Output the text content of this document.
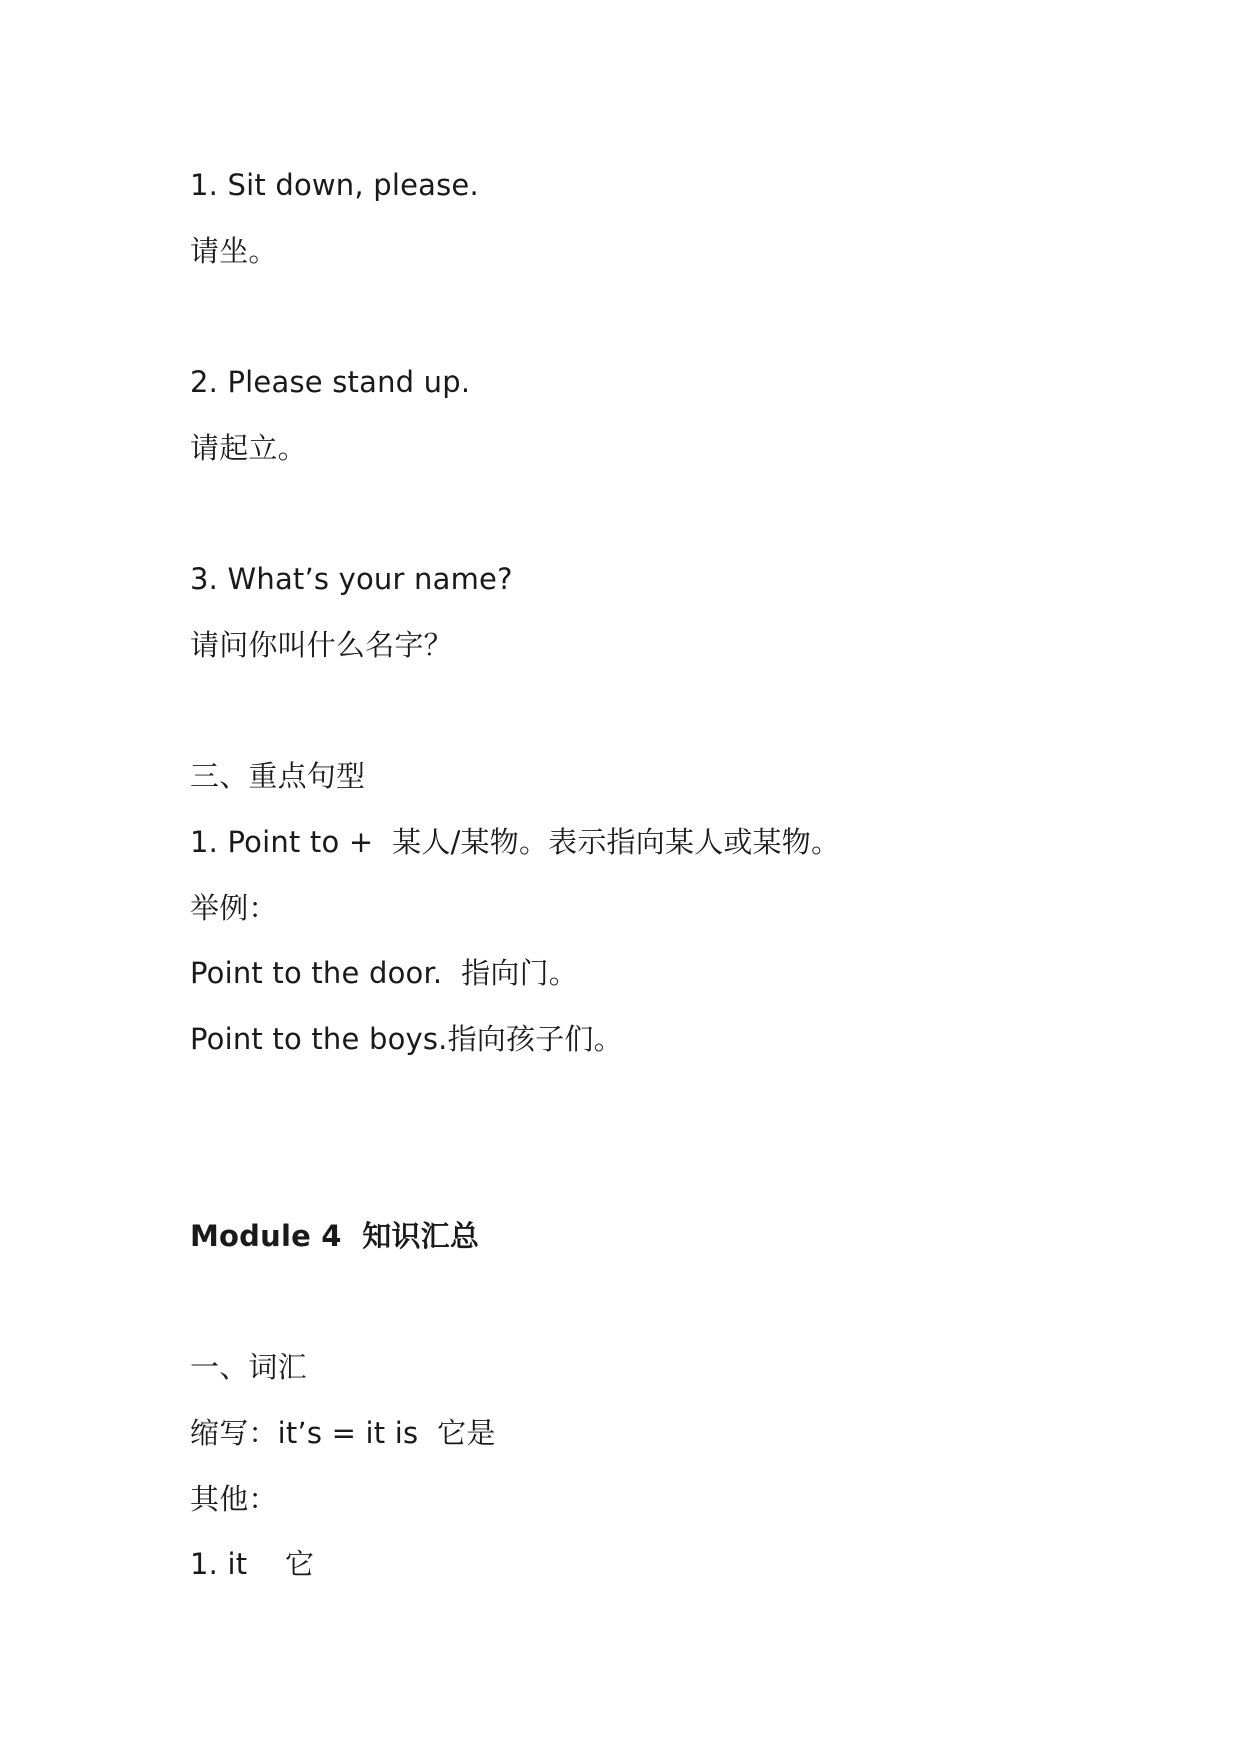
1. Sit down, please.
请坐。
2. Please stand up.
请起立。
3. What’s your name?
请问你叫什么名字？
三、重点句型
1. Point to +  某人/某物。表示指向某人或某物。
举例：
Point to the door.  指向门。
Point to the boys.指向孩子们。
Module 4  知识汇总
一、词汇
缩写：it’s = it is  它是
其他：
1. it    它
